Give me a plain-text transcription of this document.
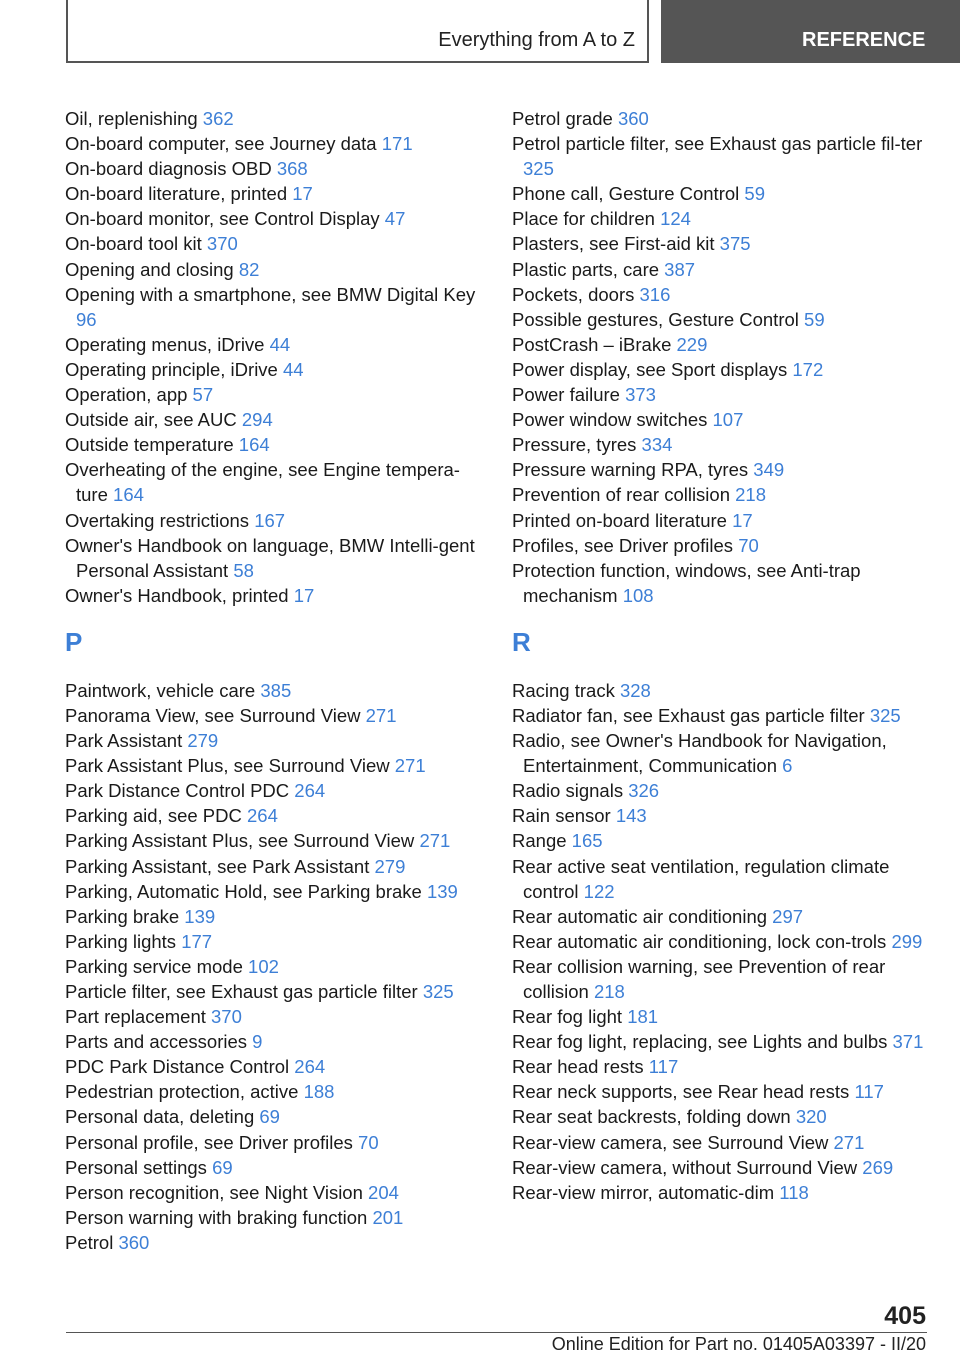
Everything from A to Z	REFERENCE
Oil, replenishing 362
On-board computer, see Journey data 171
On-board diagnosis OBD 368
On-board literature, printed 17
On-board monitor, see Control Display 47
On-board tool kit 370
Opening and closing 82
Opening with a smartphone, see BMW Digital Key 96
Operating menus, iDrive 44
Operating principle, iDrive 44
Operation, app 57
Outside air, see AUC 294
Outside temperature 164
Overheating of the engine, see Engine tempera-ture 164
Overtaking restrictions 167
Owner's Handbook on language, BMW Intelli-gent Personal Assistant 58
Owner's Handbook, printed 17
P
Paintwork, vehicle care 385
Panorama View, see Surround View 271
Park Assistant 279
Park Assistant Plus, see Surround View 271
Park Distance Control PDC 264
Parking aid, see PDC 264
Parking Assistant Plus, see Surround View 271
Parking Assistant, see Park Assistant 279
Parking, Automatic Hold, see Parking brake 139
Parking brake 139
Parking lights 177
Parking service mode 102
Particle filter, see Exhaust gas particle filter 325
Part replacement 370
Parts and accessories 9
PDC Park Distance Control 264
Pedestrian protection, active 188
Personal data, deleting 69
Personal profile, see Driver profiles 70
Personal settings 69
Person recognition, see Night Vision 204
Person warning with braking function 201
Petrol 360
Petrol grade 360
Petrol particle filter, see Exhaust gas particle fil-ter 325
Phone call, Gesture Control 59
Place for children 124
Plasters, see First-aid kit 375
Plastic parts, care 387
Pockets, doors 316
Possible gestures, Gesture Control 59
PostCrash – iBrake 229
Power display, see Sport displays 172
Power failure 373
Power window switches 107
Pressure, tyres 334
Pressure warning RPA, tyres 349
Prevention of rear collision 218
Printed on-board literature 17
Profiles, see Driver profiles 70
Protection function, windows, see Anti-trap mechanism 108
R
Racing track 328
Radiator fan, see Exhaust gas particle filter 325
Radio, see Owner's Handbook for Navigation, Entertainment, Communication 6
Radio signals 326
Rain sensor 143
Range 165
Rear active seat ventilation, regulation climate control 122
Rear automatic air conditioning 297
Rear automatic air conditioning, lock con-trols 299
Rear collision warning, see Prevention of rear collision 218
Rear fog light 181
Rear fog light, replacing, see Lights and bulbs 371
Rear head rests 117
Rear neck supports, see Rear head rests 117
Rear seat backrests, folding down 320
Rear-view camera, see Surround View 271
Rear-view camera, without Surround View 269
Rear-view mirror, automatic-dim 118
405
Online Edition for Part no. 01405A03397 - II/20
